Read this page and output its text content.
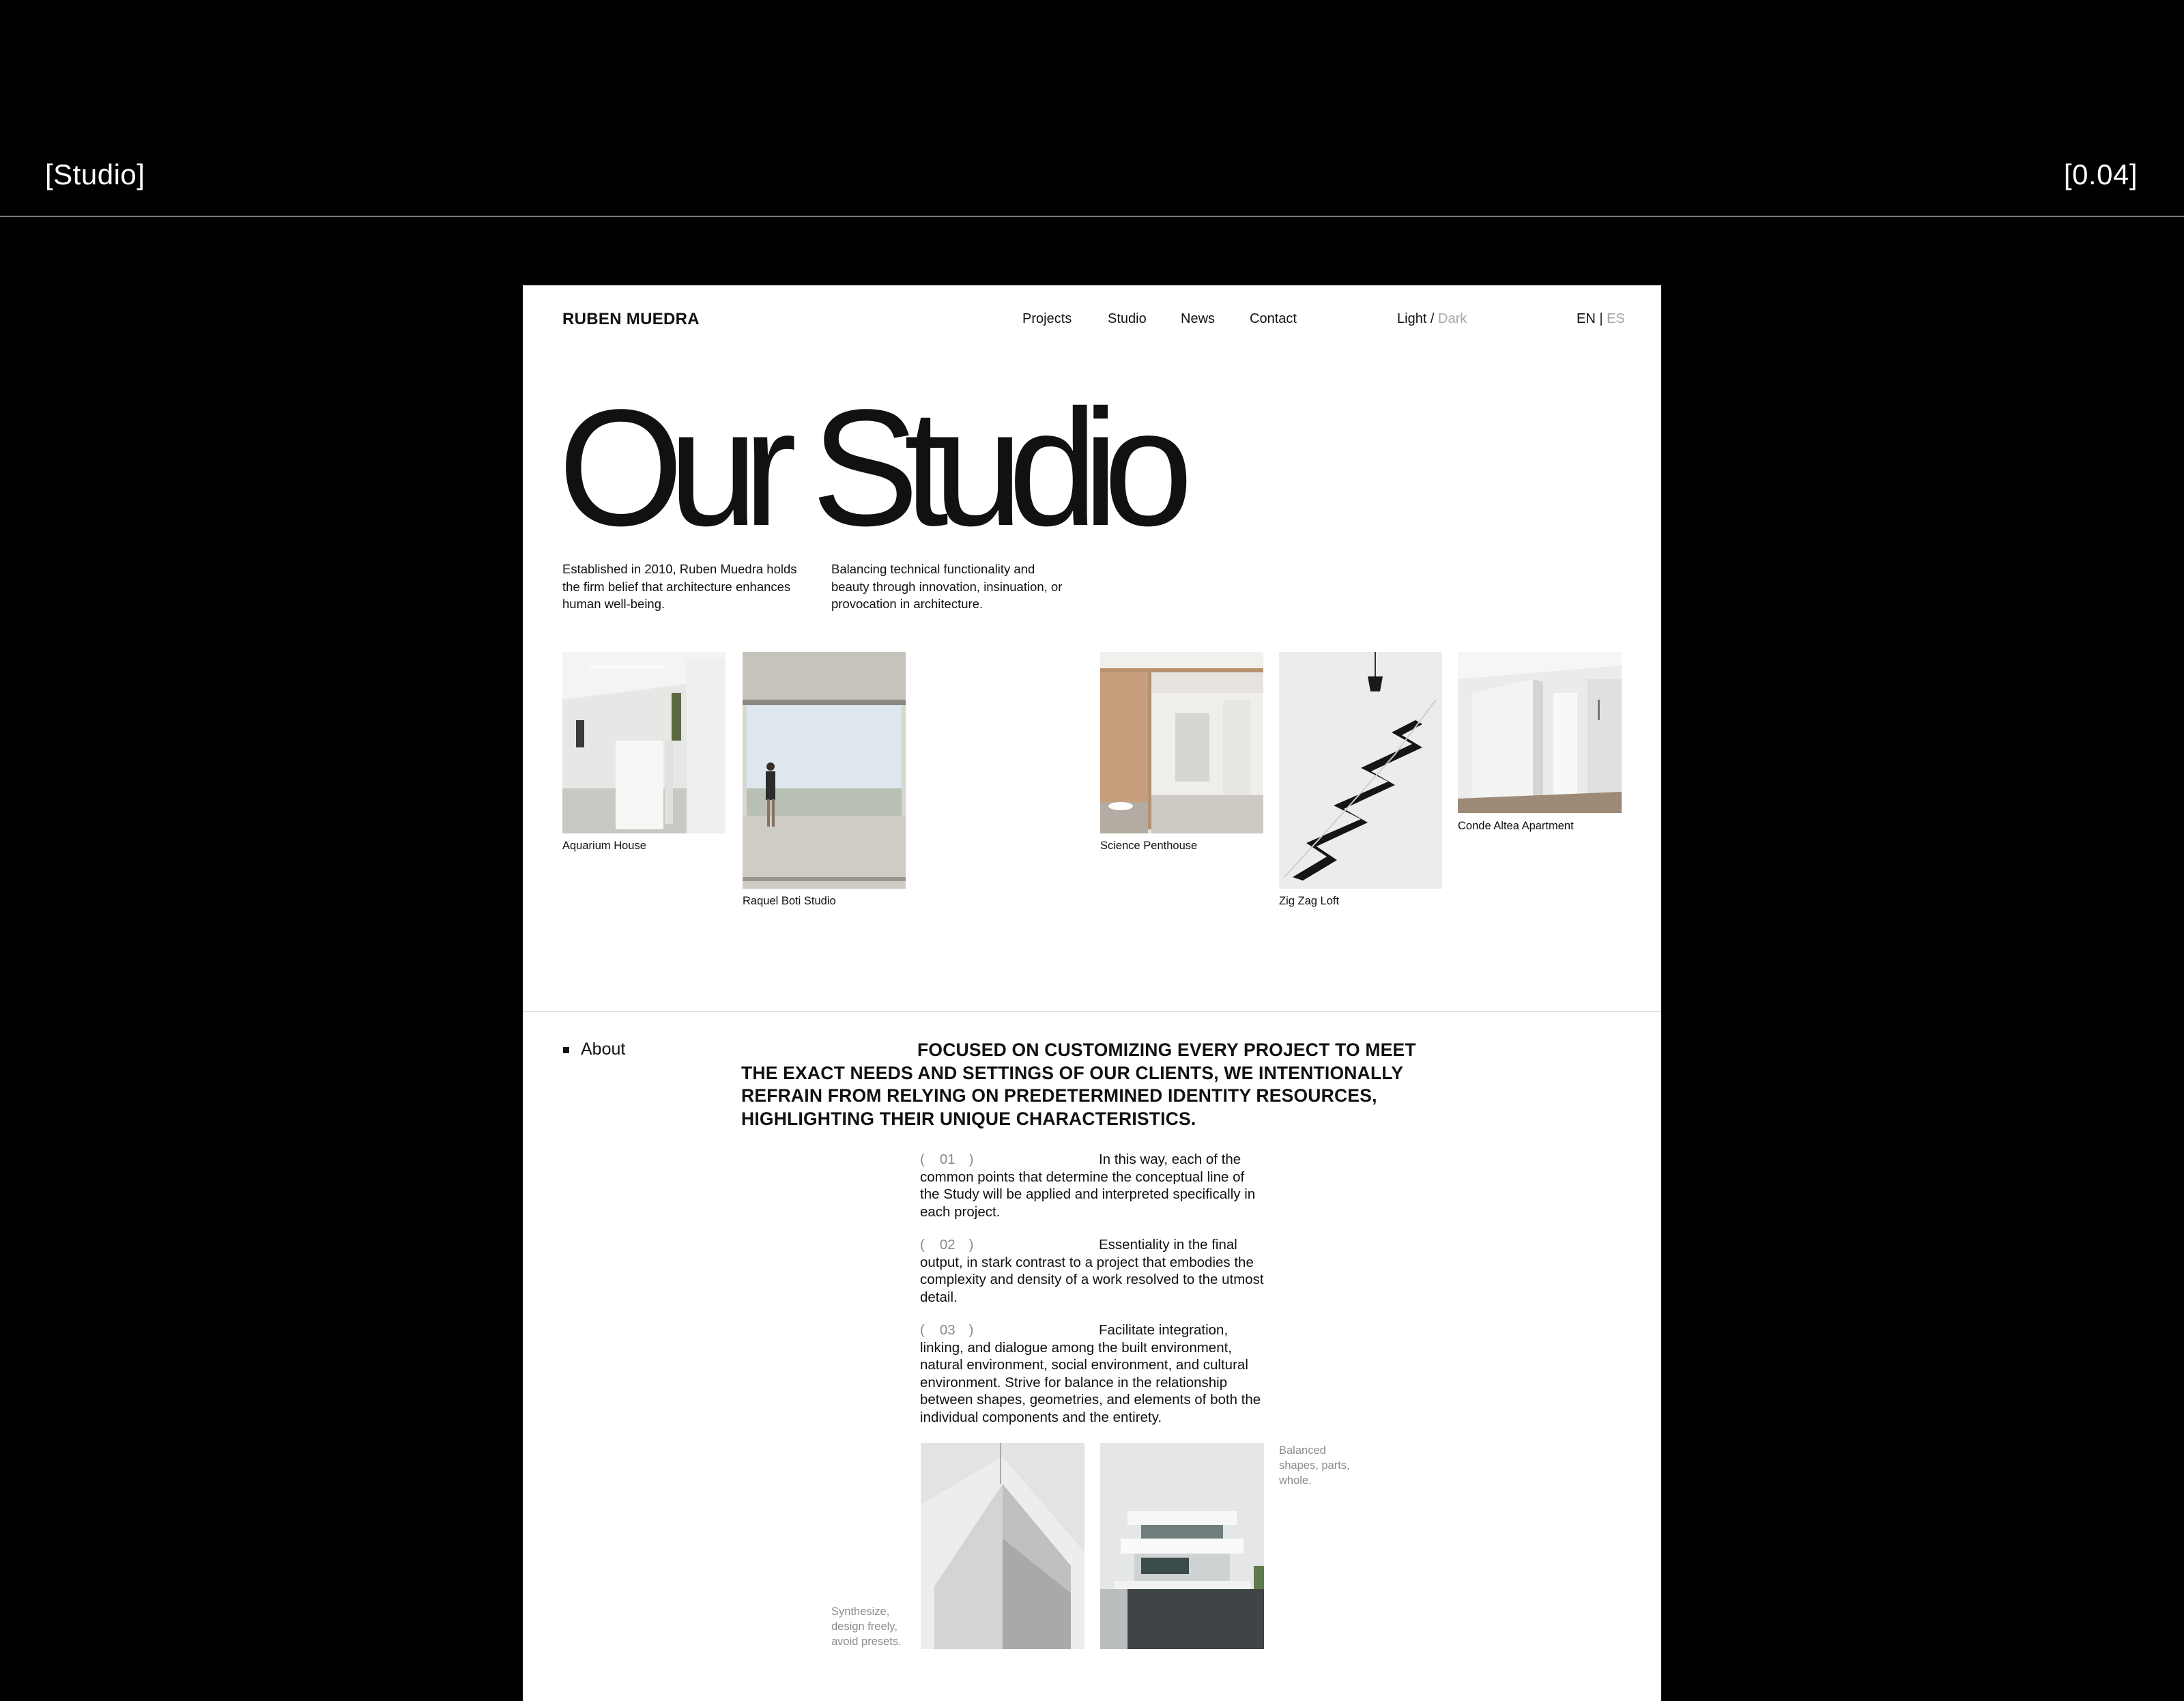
[Studio]	[0.04]
RUBEN MUEDRA	Projects	Studio	News	Contact	Light / Dark	EN | ES
Our Studio

Established in 2010, Ruben Muedra holds the firm belief that architecture enhances human well-being.

Balancing technical functionality and beauty through innovation, insinuation, or provocation in architecture.

Aquarium House
Raquel Boti Studio
Science Penthouse
Zig Zag Loft
Conde Altea Apartment
About	FOCUSED ON CUSTOMIZING EVERY PROJECT TO MEET THE EXACT NEEDS AND SETTINGS OF OUR CLIENTS, WE INTENTIONALLY REFRAIN FROM RELYING ON PREDETERMINED IDENTITY RESOURCES, HIGHLIGHTING THEIR UNIQUE CHARACTERISTICS.
( 01 )	In this way, each of the common points that determine the conceptual line of the Study will be applied and interpreted specifically in each project.
( 02 )	Essentiality in the final output, in stark contrast to a project that embodies the complexity and density of a work resolved to the utmost detail.
( 03 )	Facilitate integration, linking, and dialogue among the built environment, natural environment, social environment, and cultural environment. Strive for balance in the relationship between shapes, geometries, and elements of both the individual components and the entirety.
Synthesize, design freely, avoid presets.
Balanced shapes, parts, whole.
